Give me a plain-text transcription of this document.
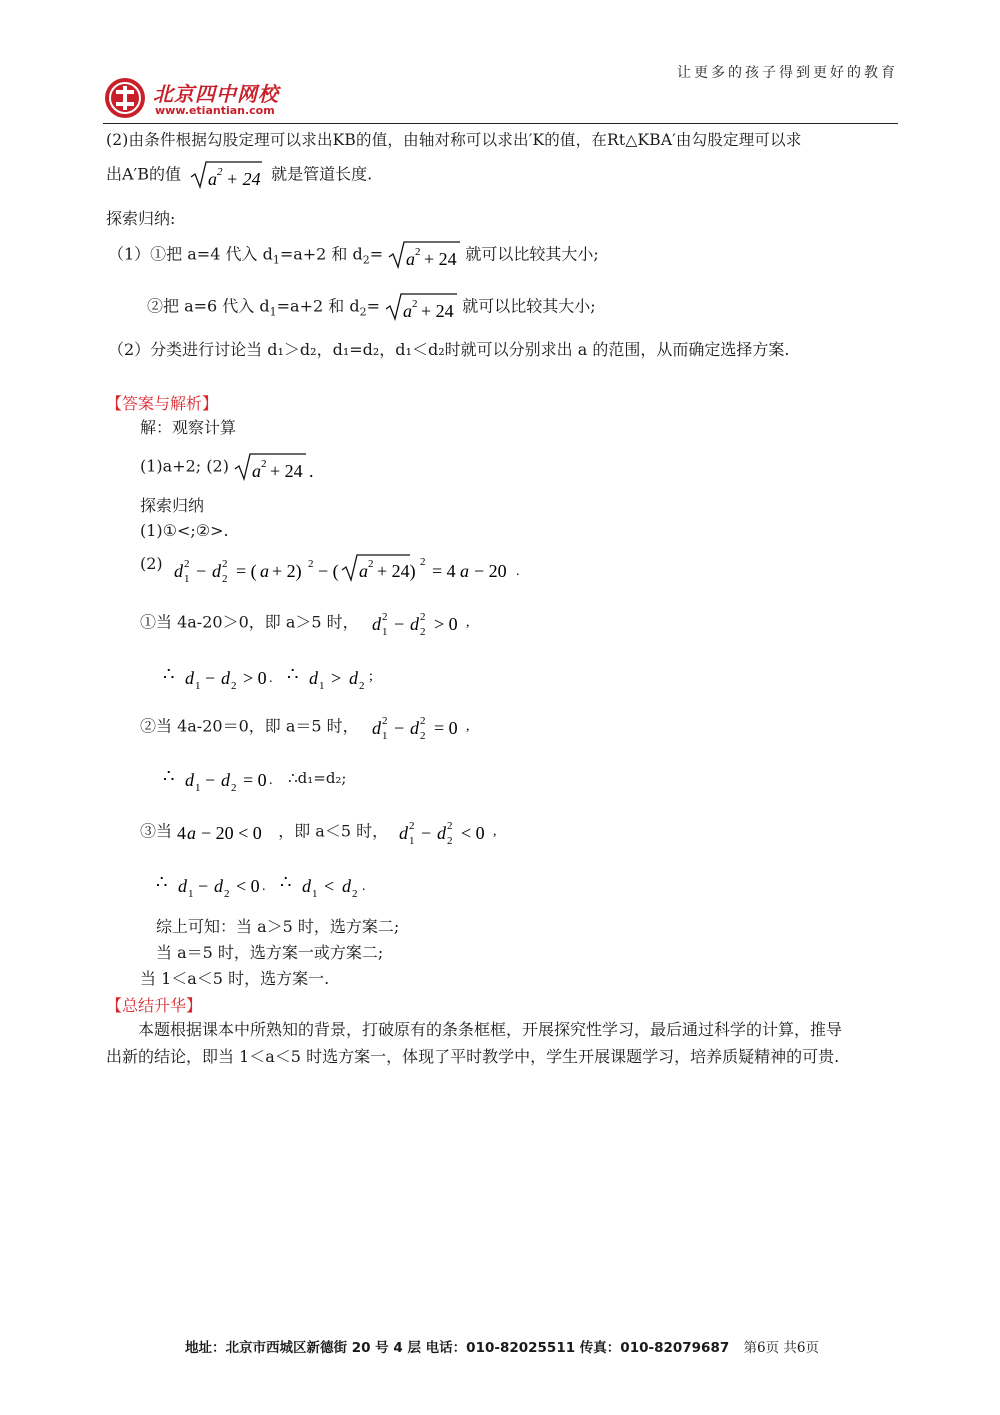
让更多的孩子得到更好的教育
北京四中网校
www.etiantian.com
(2)由条件根据勾股定理可以求出KB的值，由轴对称可以求出′K的值，在Rt△KBA′由勾股定理可以求
出A′B的值 a 2 + 24 就是管道长度.
探索归纳:
（1）①把 a=4 代入 $d_1=a+2$ 和 $d_2= a$ 2 + 24 就可以比较其大小;
②把 a=6 代入 $d_1=a+2$ 和 $d_2= a$ 2 + 24 就可以比较其大小;
（2）分类进行讨论当 d₁＞d₂，d₁=d₂，d₁＜d₂时就可以分别求出 a 的范围，从而确定选择方案.
【答案与解析】
解：观察计算
(1)a+2; (2) a 2 + 24 .
探索归纳
(1)①<;②>.
(2) d 2
1 − d 2
2 = ( a + 2) 2 − ( a 2 + 24) 2 = 4 a − 20 .
①当 4a-20＞0，即 a＞5 时， d 2
1 − d 2
2 > 0 ,
∴ d 1 − d 2 > 0 . ∴ d 1 > d 2
;
②当 4a-20＝0，即 a＝5 时， d 2
1 − d 2
2 = 0 ,
∴ d 1 − d 2 = 0 . ∴d₁=d₂;
③当 4 a − 20 < 0 ，即 a＜5 时， d 2
1 − d 2
2 < 0 ,
∴ d 1 − d 2 < 0 . ∴ d 1 < d 2 .
综上可知：当 a＞5 时，选方案二;
当 a＝5 时，选方案一或方案二;
当 1＜a＜5 时，选方案一.
【总结升华】
本题根据课本中所熟知的背景，打破原有的条条框框，开展探究性学习，最后通过科学的计算，推导
出新的结论，即当 1＜a＜5 时选方案一，体现了平时教学中，学生开展课题学习，培养质疑精神的可贵.
地址：北京市西城区新德街 20 号 4 层 电话：010-82025511 传真：010-82079687 第6页 共6页
